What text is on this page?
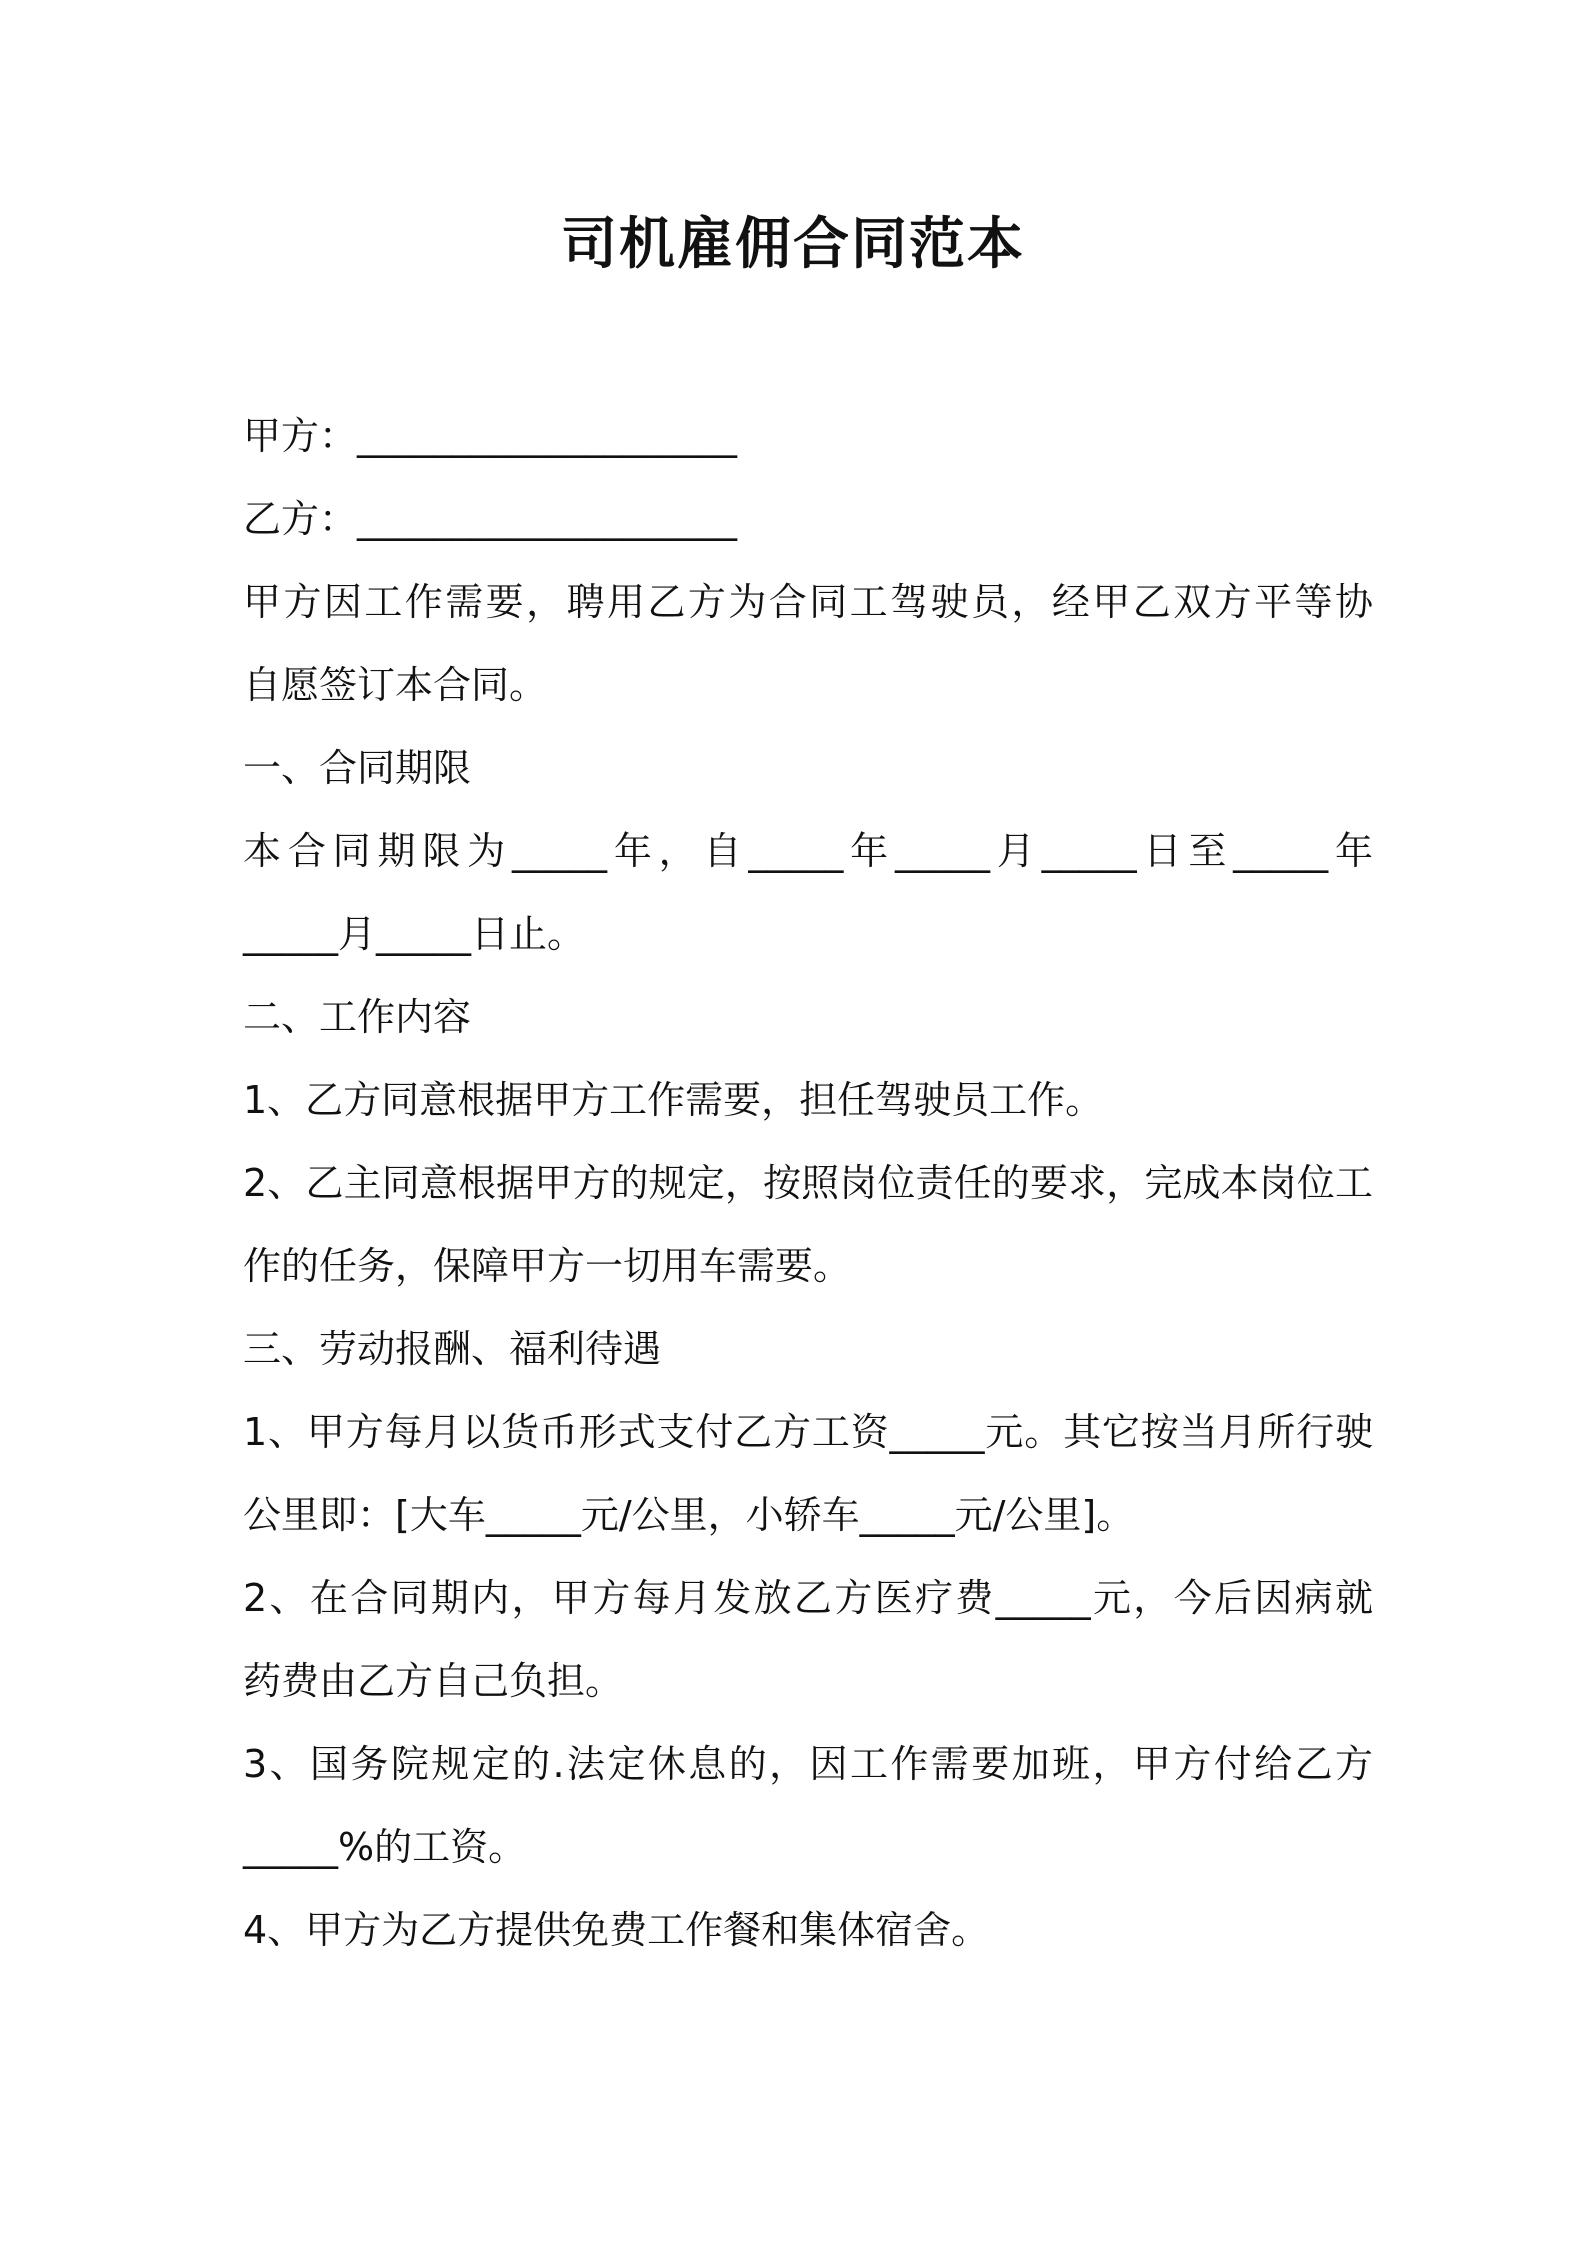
司机雇佣合同范本

甲方：____________________

乙方：____________________

甲方因工作需要，聘用乙方为合同工驾驶员，经甲乙双方平等协

自愿签订本合同。

一、合同期限

本合同期限为_____年，自_____年_____月_____日至_____年

_____月_____日止。

二、工作内容

1、乙方同意根据甲方工作需要，担任驾驶员工作。

2、乙主同意根据甲方的规定，按照岗位责任的要求，完成本岗位工

作的任务，保障甲方一切用车需要。

三、劳动报酬、福利待遇

1、甲方每月以货币形式支付乙方工资_____元。其它按当月所行驶

公里即：[大车_____元/公里，小轿车_____元/公里]。

2、在合同期内，甲方每月发放乙方医疗费_____元，今后因病就

药费由乙方自己负担。

3、国务院规定的.法定休息的，因工作需要加班，甲方付给乙方

_____%的工资。

4、甲方为乙方提供免费工作餐和集体宿舍。
